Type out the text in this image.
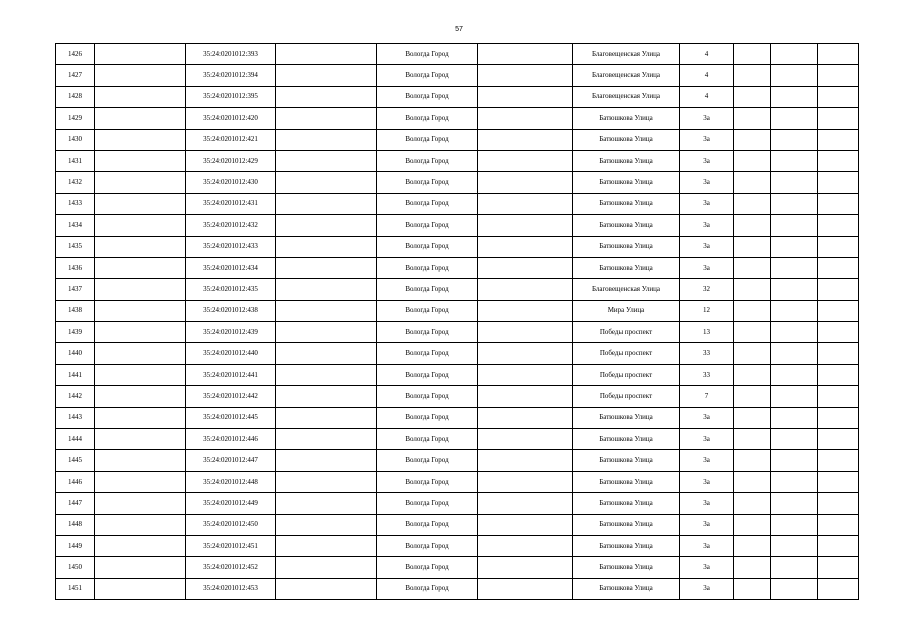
57
1426		35:24:0201012:393		Вологда Город		Благовещенская Улица	4			
1427		35:24:0201012:394		Вологда Город		Благовещенская Улица	4			
1428		35:24:0201012:395		Вологда Город		Благовещенская Улица	4			
1429		35:24:0201012:420		Вологда Город		Батюшкова Улица	3а			
1430		35:24:0201012:421		Вологда Город		Батюшкова Улица	3а			
1431		35:24:0201012:429		Вологда Город		Батюшкова Улица	3а			
1432		35:24:0201012:430		Вологда Город		Батюшкова Улица	3а			
1433		35:24:0201012:431		Вологда Город		Батюшкова Улица	3а			
1434		35:24:0201012:432		Вологда Город		Батюшкова Улица	3а			
1435		35:24:0201012:433		Вологда Город		Батюшкова Улица	3а			
1436		35:24:0201012:434		Вологда Город		Батюшкова Улица	3а			
1437		35:24:0201012:435		Вологда Город		Благовещенская Улица	32			
1438		35:24:0201012:438		Вологда Город		Мира Улица	12			
1439		35:24:0201012:439		Вологда Город		Победы проспект	13			
1440		35:24:0201012:440		Вологда Город		Победы проспект	33			
1441		35:24:0201012:441		Вологда Город		Победы проспект	33			
1442		35:24:0201012:442		Вологда Город		Победы проспект	7			
1443		35:24:0201012:445		Вологда Город		Батюшкова Улица	3а			
1444		35:24:0201012:446		Вологда Город		Батюшкова Улица	3а			
1445		35:24:0201012:447		Вологда Город		Батюшкова Улица	3а			
1446		35:24:0201012:448		Вологда Город		Батюшкова Улица	3а			
1447		35:24:0201012:449		Вологда Город		Батюшкова Улица	3а			
1448		35:24:0201012:450		Вологда Город		Батюшкова Улица	3а			
1449		35:24:0201012:451		Вологда Город		Батюшкова Улица	3а			
1450		35:24:0201012:452		Вологда Город		Батюшкова Улица	3а			
1451		35:24:0201012:453		Вологда Город		Батюшкова Улица	3а			
